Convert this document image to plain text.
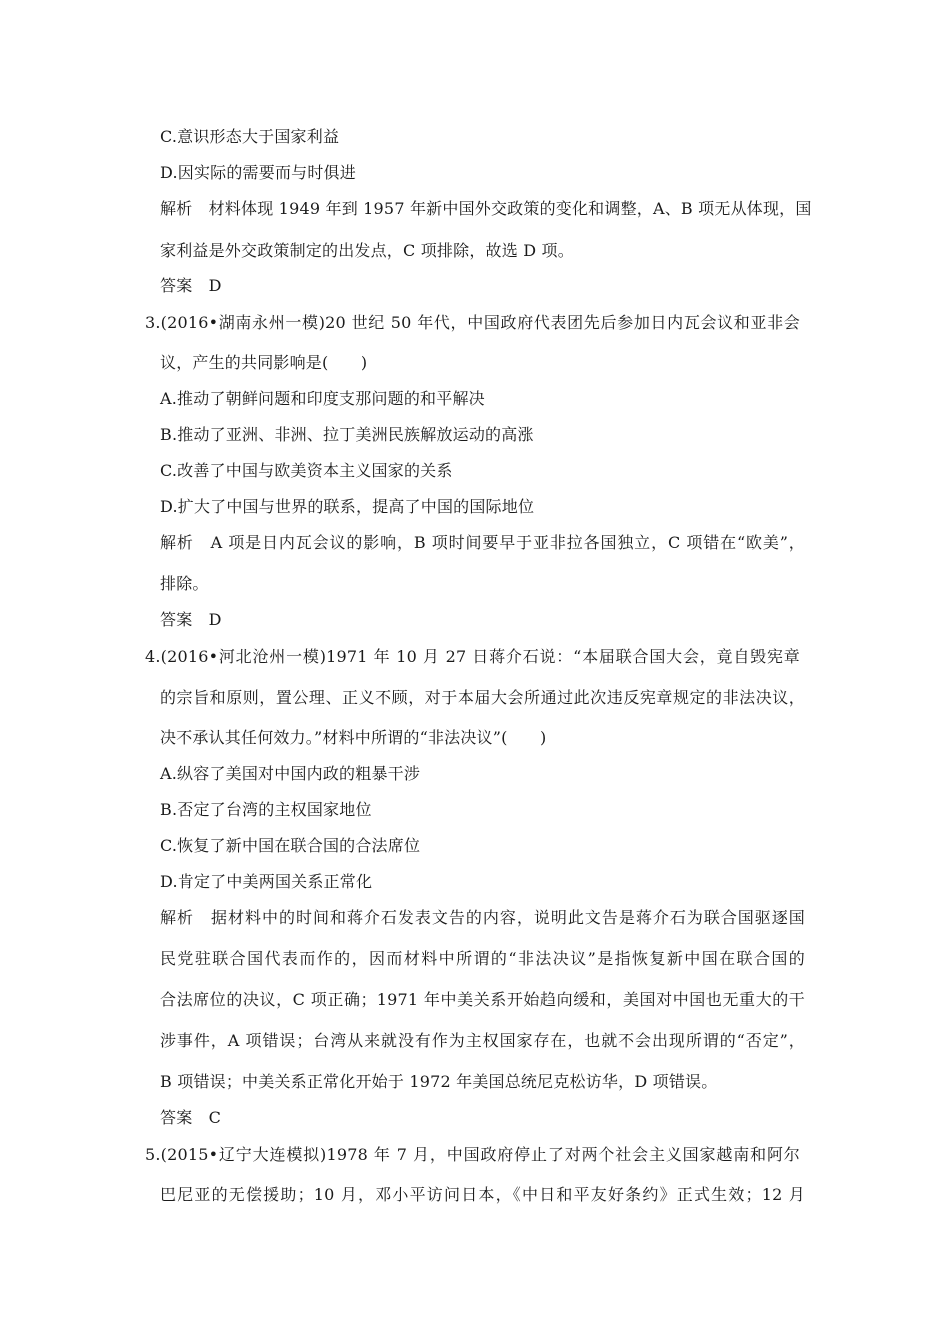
C.意识形态大于国家利益
D.因实际的需要而与时俱进
解析　材料体现 1949 年到 1957 年新中国外交政策的变化和调整，A、B 项无从体现，国
家利益是外交政策制定的出发点，C 项排除，故选 D 项。
答案　D
3.(2016•湖南永州一模)20 世纪 50 年代，中国政府代表团先后参加日内瓦会议和亚非会
议，产生的共同影响是(　　)
A.推动了朝鲜问题和印度支那问题的和平解决
B.推动了亚洲、非洲、拉丁美洲民族解放运动的高涨
C.改善了中国与欧美资本主义国家的关系
D.扩大了中国与世界的联系，提高了中国的国际地位
解析　A 项是日内瓦会议的影响，B 项时间要早于亚非拉各国独立，C 项错在“欧美”，
排除。
答案　D
4.(2016•河北沧州一模)1971 年 10 月 27 日蒋介石说：“本届联合国大会，竟自毁宪章
的宗旨和原则，置公理、正义不顾，对于本届大会所通过此次违反宪章规定的非法决议，
决不承认其任何效力。”材料中所谓的“非法决议”(　　)
A.纵容了美国对中国内政的粗暴干涉
B.否定了台湾的主权国家地位
C.恢复了新中国在联合国的合法席位
D.肯定了中美两国关系正常化
解析　据材料中的时间和蒋介石发表文告的内容，说明此文告是蒋介石为联合国驱逐国
民党驻联合国代表而作的，因而材料中所谓的“非法决议”是指恢复新中国在联合国的
合法席位的决议，C 项正确；1971 年中美关系开始趋向缓和，美国对中国也无重大的干
涉事件，A 项错误；台湾从来就没有作为主权国家存在，也就不会出现所谓的“否定”，
B 项错误；中美关系正常化开始于 1972 年美国总统尼克松访华，D 项错误。
答案　C
5.(2015•辽宁大连模拟)1978 年 7 月，中国政府停止了对两个社会主义国家越南和阿尔
巴尼亚的无偿援助；10 月，邓小平访问日本，《中日和平友好条约》正式生效；12 月
